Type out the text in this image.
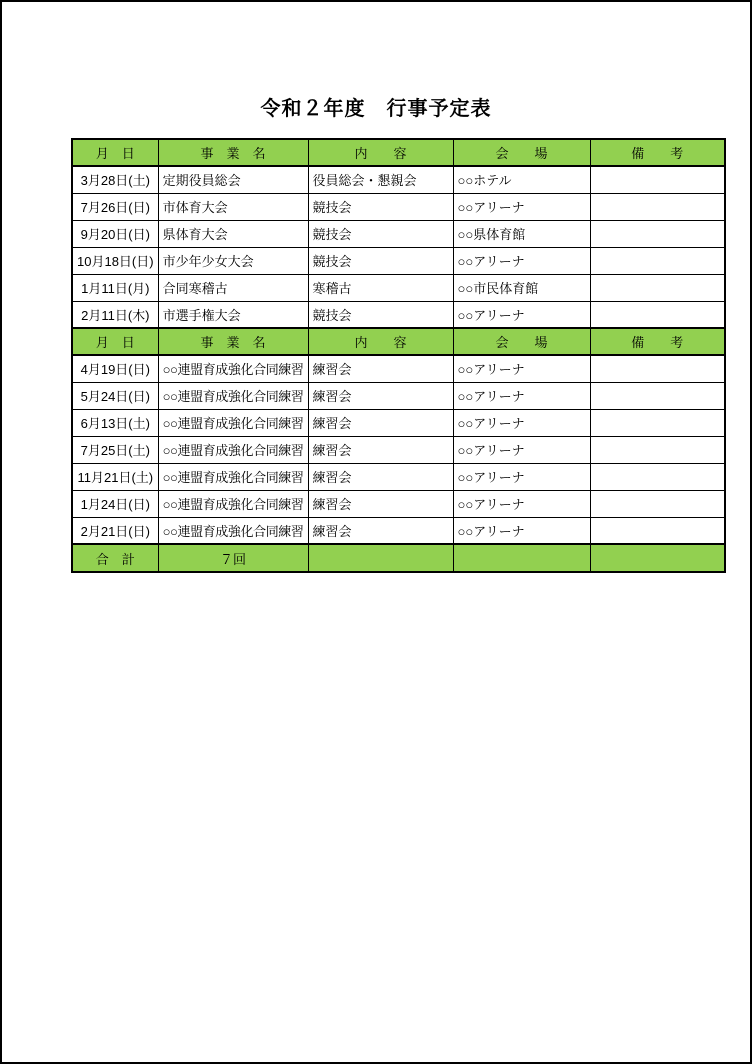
令和２年度　行事予定表
月　日	事　業　名	内　　容	会　　場	備　　考
3月28日(土)	定期役員総会	役員総会・懇親会	○○ホテル	
7月26日(日)	市体育大会	競技会	○○アリーナ	
9月20日(日)	県体育大会	競技会	○○県体育館	
10月18日(日)	市少年少女大会	競技会	○○アリーナ	
1月11日(月)	合同寒稽古	寒稽古	○○市民体育館	
2月11日(木)	市選手権大会	競技会	○○アリーナ	
月　日	事　業　名	内　　容	会　　場	備　　考
4月19日(日)	○○連盟育成強化合同練習	練習会	○○アリーナ	
5月24日(日)	○○連盟育成強化合同練習	練習会	○○アリーナ	
6月13日(土)	○○連盟育成強化合同練習	練習会	○○アリーナ	
7月25日(土)	○○連盟育成強化合同練習	練習会	○○アリーナ	
11月21日(土)	○○連盟育成強化合同練習	練習会	○○アリーナ	
1月24日(日)	○○連盟育成強化合同練習	練習会	○○アリーナ	
2月21日(日)	○○連盟育成強化合同練習	練習会	○○アリーナ	
合　計	７回			
